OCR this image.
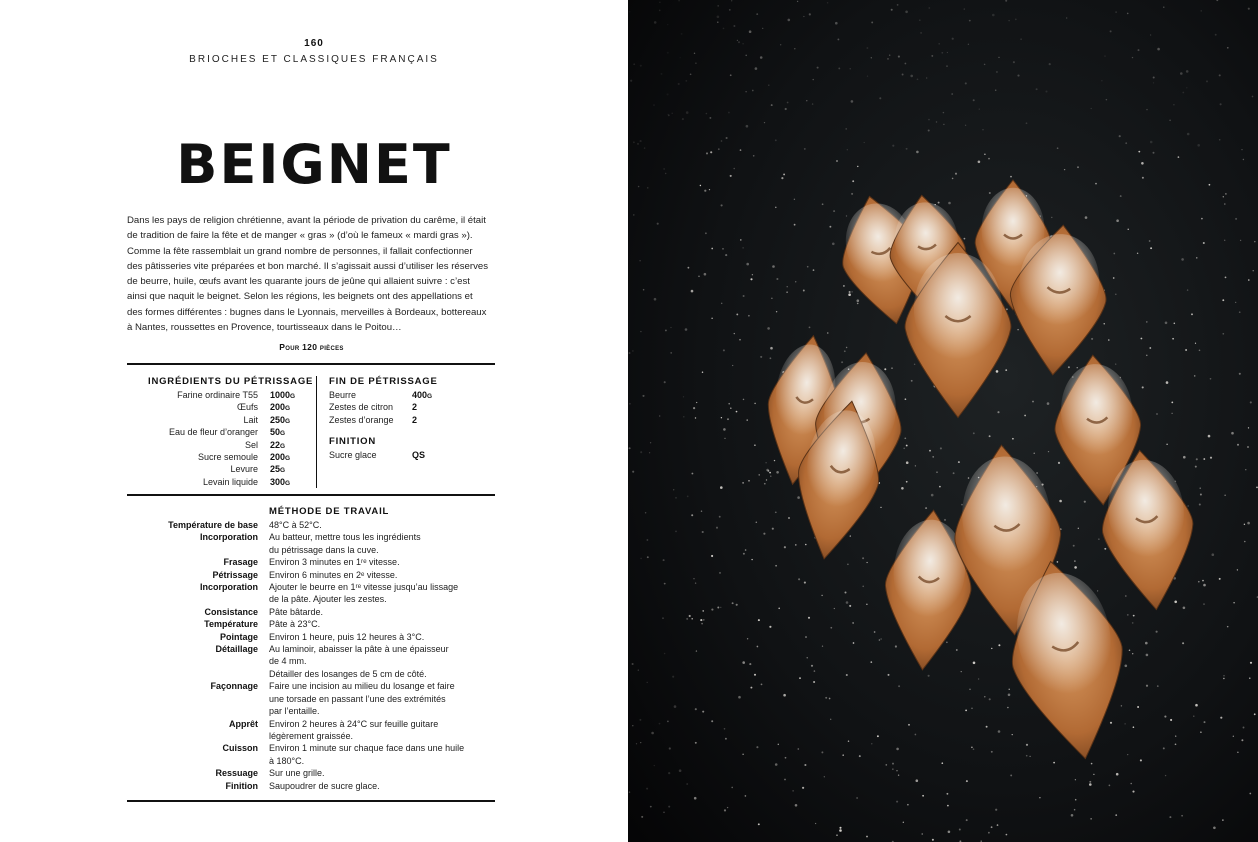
160
BRIOCHES ET CLASSIQUES FRANÇAIS
BEIGNET
Dans les pays de religion chrétienne, avant la période de privation du carême, il était
de tradition de faire la fête et de manger « gras » (d’où le fameux « mardi gras »).
Comme la fête rassemblait un grand nombre de personnes, il fallait confectionner
des pâtisseries vite préparées et bon marché. Il s’agissait aussi d’utiliser les réserves
de beurre, huile, œufs avant les quarante jours de jeûne qui allaient suivre : c’est
ainsi que naquit le beignet. Selon les régions, les beignets ont des appellations et
des formes différentes : bugnes dans le Lyonnais, merveilles à Bordeaux, bottereaux
à Nantes, roussettes en Provence, tourtisseaux dans le Poitou…
Pour 120 pièces
INGRÉDIENTS DU PÉTRISSAGE
Farine ordinaire T55 1000G
Œufs 200G
Lait 250G
Eau de fleur d’oranger 50G
Sel 22G
Sucre semoule 200G
Levure 25G
Levain liquide 300G
FIN DE PÉTRISSAGE
Beurre	400G
Zestes de citron 2
Zestes d’orange 2
FINITION
Sucre glace	QS
MÉTHODE DE TRAVAIL
Température de base	48°C à 52°C.
Incorporation	Au batteur, mettre tous les ingrédients
du pétrissage dans la cuve.
Frasage	Environ 3 minutes en 1ʳᵉ vitesse.
Pétrissage	Environ 6 minutes en 2ᵉ vitesse.
Incorporation	Ajouter le beurre en 1ʳᵉ vitesse jusqu’au lissage
de la pâte. Ajouter les zestes.
Consistance	Pâte bâtarde.
Température	Pâte à 23°C.
Pointage	Environ 1 heure, puis 12 heures à 3°C.
Détaillage	Au laminoir, abaisser la pâte à une épaisseur
de 4 mm.
Détailler des losanges de 5 cm de côté.
Façonnage	Faire une incision au milieu du losange et faire
une torsade en passant l’une des extrémités
par l’entaille.
Apprêt	Environ 2 heures à 24°C sur feuille guitare
légèrement graissée.
Cuisson	Environ 1 minute sur chaque face dans une huile
à 180°C.
Ressuage	Sur une grille.
Finition	Saupoudrer de sucre glace.
